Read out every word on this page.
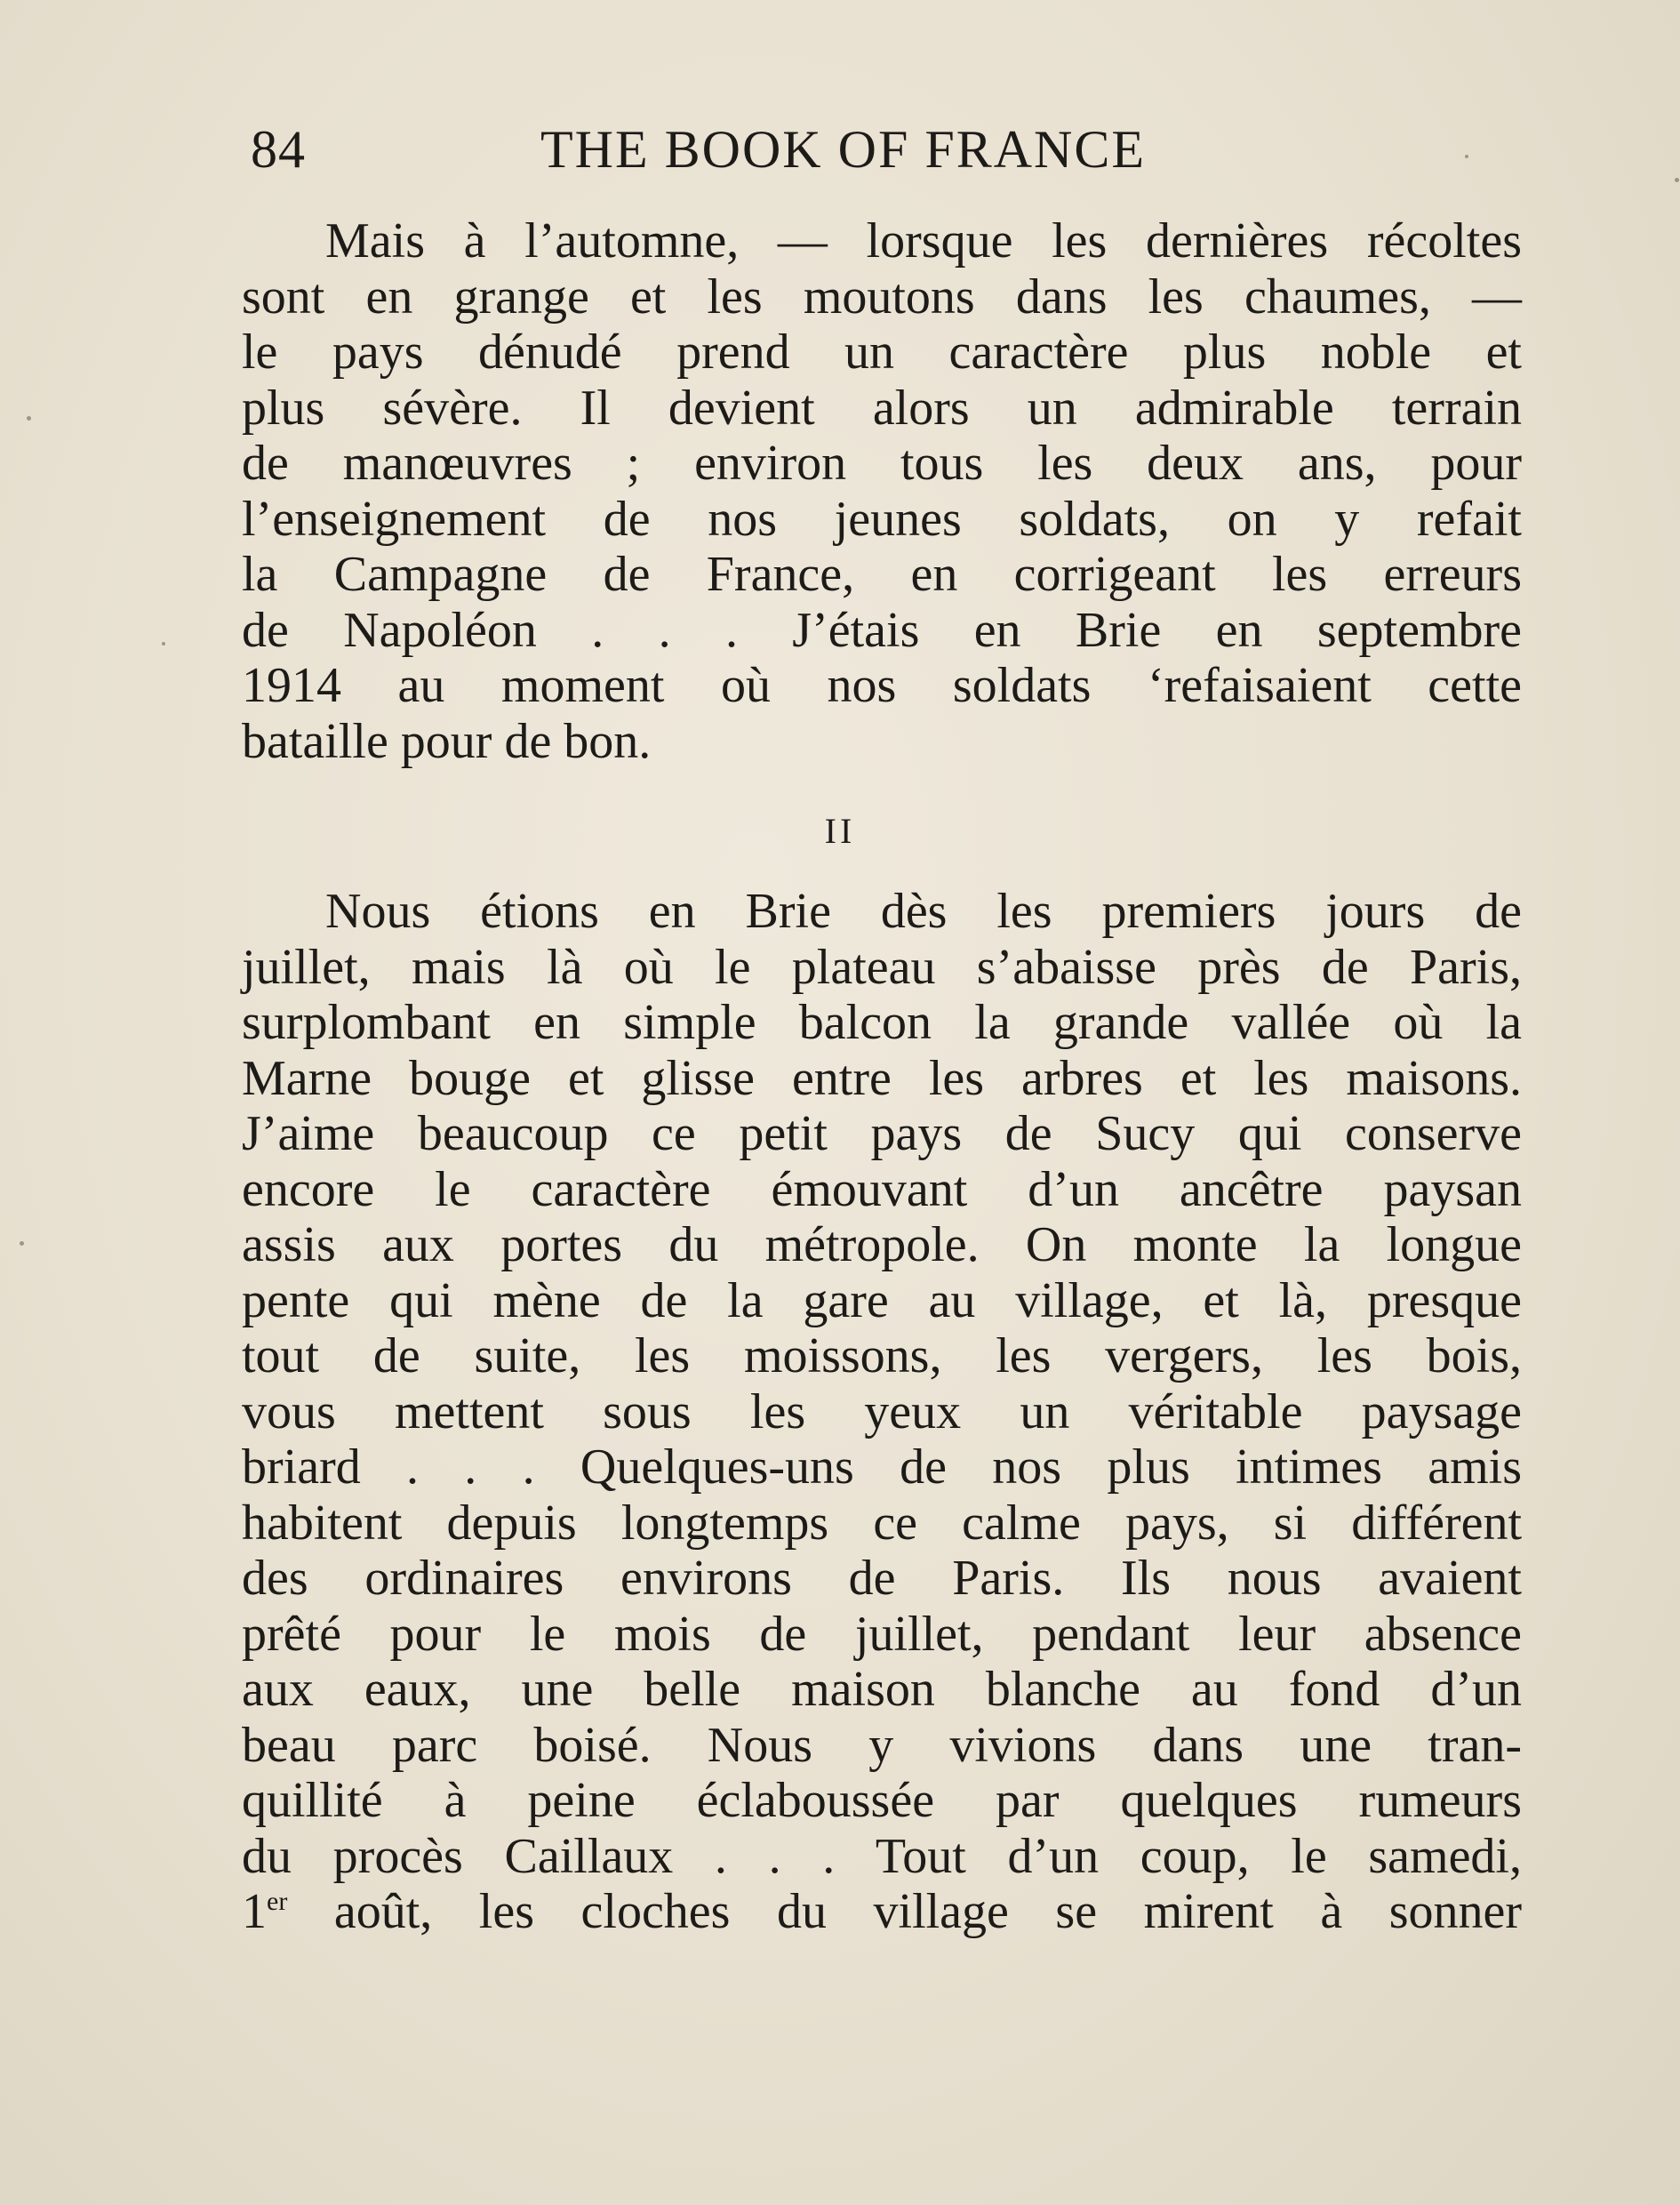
84	THE BOOK OF FRANCE
Mais à l’automne, — lorsque les dernières récoltes
sont en grange et les moutons dans les chaumes, —
le pays dénudé prend un caractère plus noble et
plus sévère. Il devient alors un admirable terrain
de manœuvres ; environ tous les deux ans, pour
l’enseignement de nos jeunes soldats, on y refait
la Campagne de France, en corrigeant les erreurs
de Napoléon . . . J’étais en Brie en septembre
1914 au moment où nos soldats ‘refaisaient cette
bataille pour de bon.
II
Nous étions en Brie dès les premiers jours de
juillet, mais là où le plateau s’abaisse près de Paris,
surplombant en simple balcon la grande vallée où la
Marne bouge et glisse entre les arbres et les maisons.
J’aime beaucoup ce petit pays de Sucy qui conserve
encore le caractère émouvant d’un ancêtre paysan
assis aux portes du métropole. On monte la longue
pente qui mène de la gare au village, et là, presque
tout de suite, les moissons, les vergers, les bois,
vous mettent sous les yeux un véritable paysage
briard . . . Quelques-uns de nos plus intimes amis
habitent depuis longtemps ce calme pays, si différent
des ordinaires environs de Paris. Ils nous avaient
prêté pour le mois de juillet, pendant leur absence
aux eaux, une belle maison blanche au fond d’un
beau parc boisé. Nous y vivions dans une tran-
quillité à peine éclaboussée par quelques rumeurs
du procès Caillaux . . . Tout d’un coup, le samedi,
1er août, les cloches du village se mirent à sonner
